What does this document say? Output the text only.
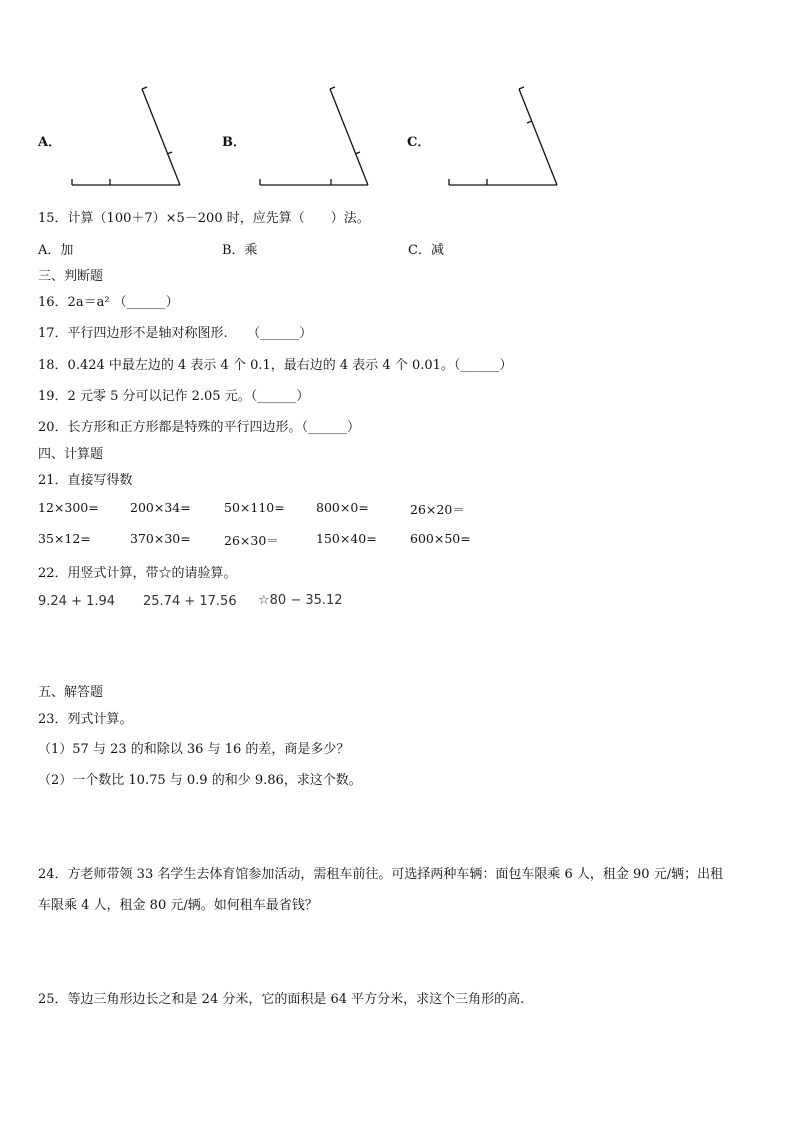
A．	B．	C．
15．计算（100＋7）×5－200 时，应先算（　　）法。
A．加	B．乘	C．减
三、判断题
16．2a＝a² （______）
17．平行四边形不是轴对称图形.　　（______）
18．0.424 中最左边的 4 表示 4 个 0.1，最右边的 4 表示 4 个 0.01。（______）
19．2 元零 5 分可以记作 2.05 元。（______）
20．长方形和正方形都是特殊的平行四边形。（______）
四、计算题
21．直接写得数
12×300=	200×34=	50×110=	800×0=	26×20＝
35×12=	370×30=	26×30＝	150×40=	600×50=
22．用竖式计算，带☆的请验算。
9.24 + 1.94 25.74 + 17.56 ☆80 − 35.12
五、解答题
23．列式计算。
（1）57 与 23 的和除以 36 与 16 的差，商是多少？
（2）一个数比 10.75 与 0.9 的和少 9.86，求这个数。
24．方老师带领 33 名学生去体育馆参加活动，需租车前往。可选择两种车辆：面包车限乘 6 人，租金 90 元/辆；出租
车限乘 4 人，租金 80 元/辆。如何租车最省钱？
25．等边三角形边长之和是 24 分米，它的面积是 64 平方分米，求这个三角形的高.
